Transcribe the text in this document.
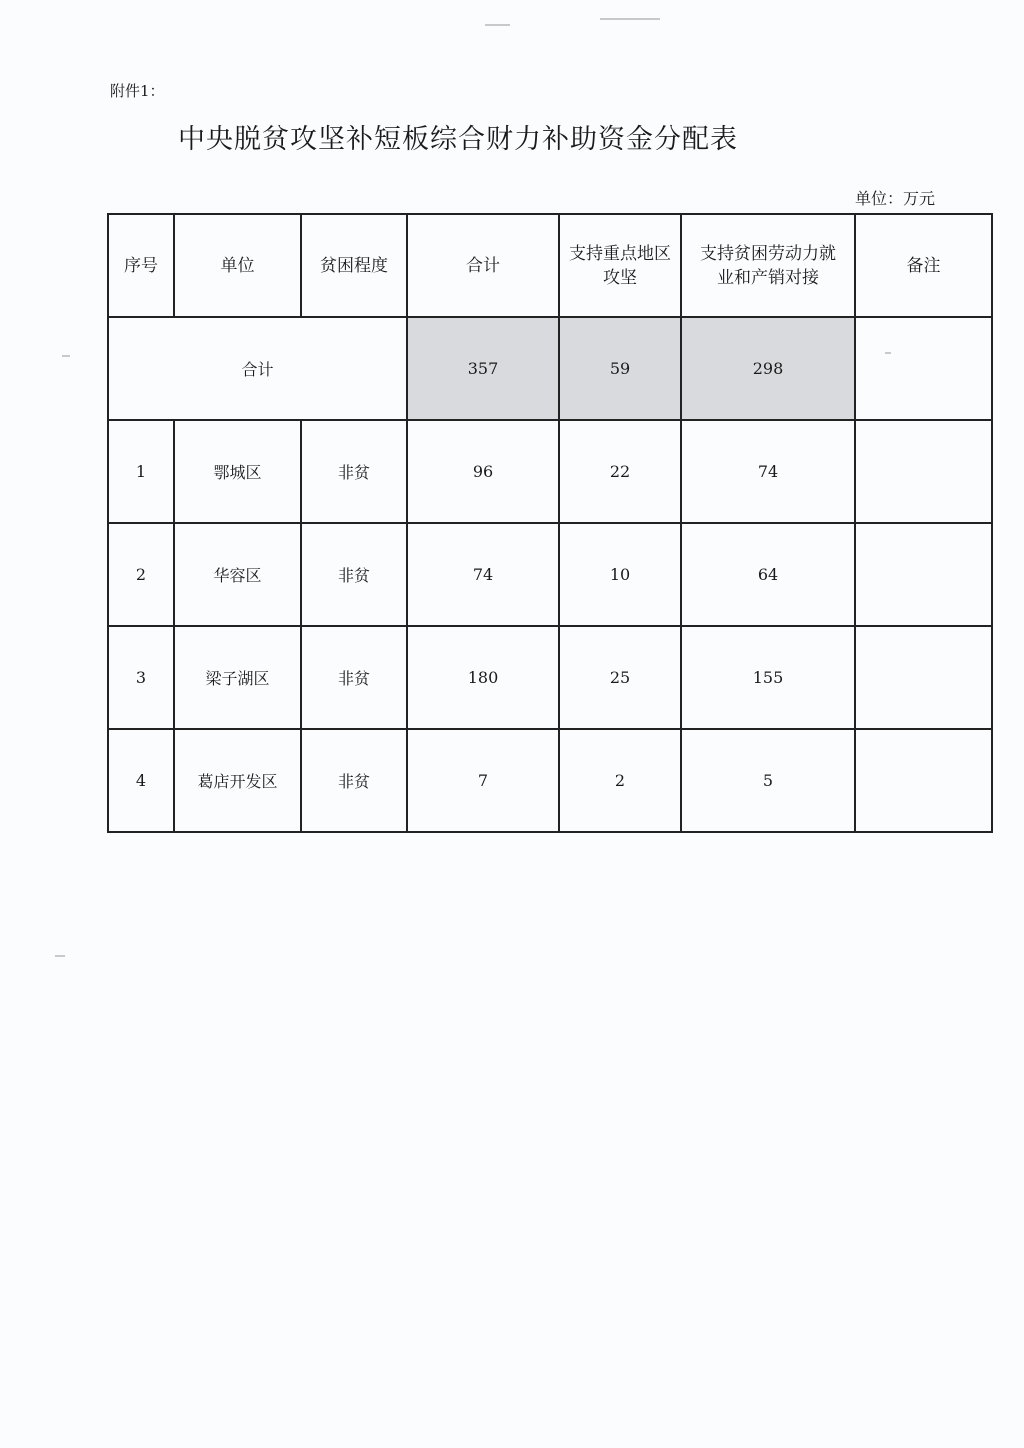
附件1：
中央脱贫攻坚补短板综合财力补助资金分配表
单位：万元
序号	单位	贫困程度	合计	支持重点地区攻坚	支持贫困劳动力就业和产销对接	备注
合计			357	59	298	
1	鄂城区	非贫	96	22	74	
2	华容区	非贫	74	10	64	
3	梁子湖区	非贫	180	25	155	
4	葛店开发区	非贫	7	2	5	
